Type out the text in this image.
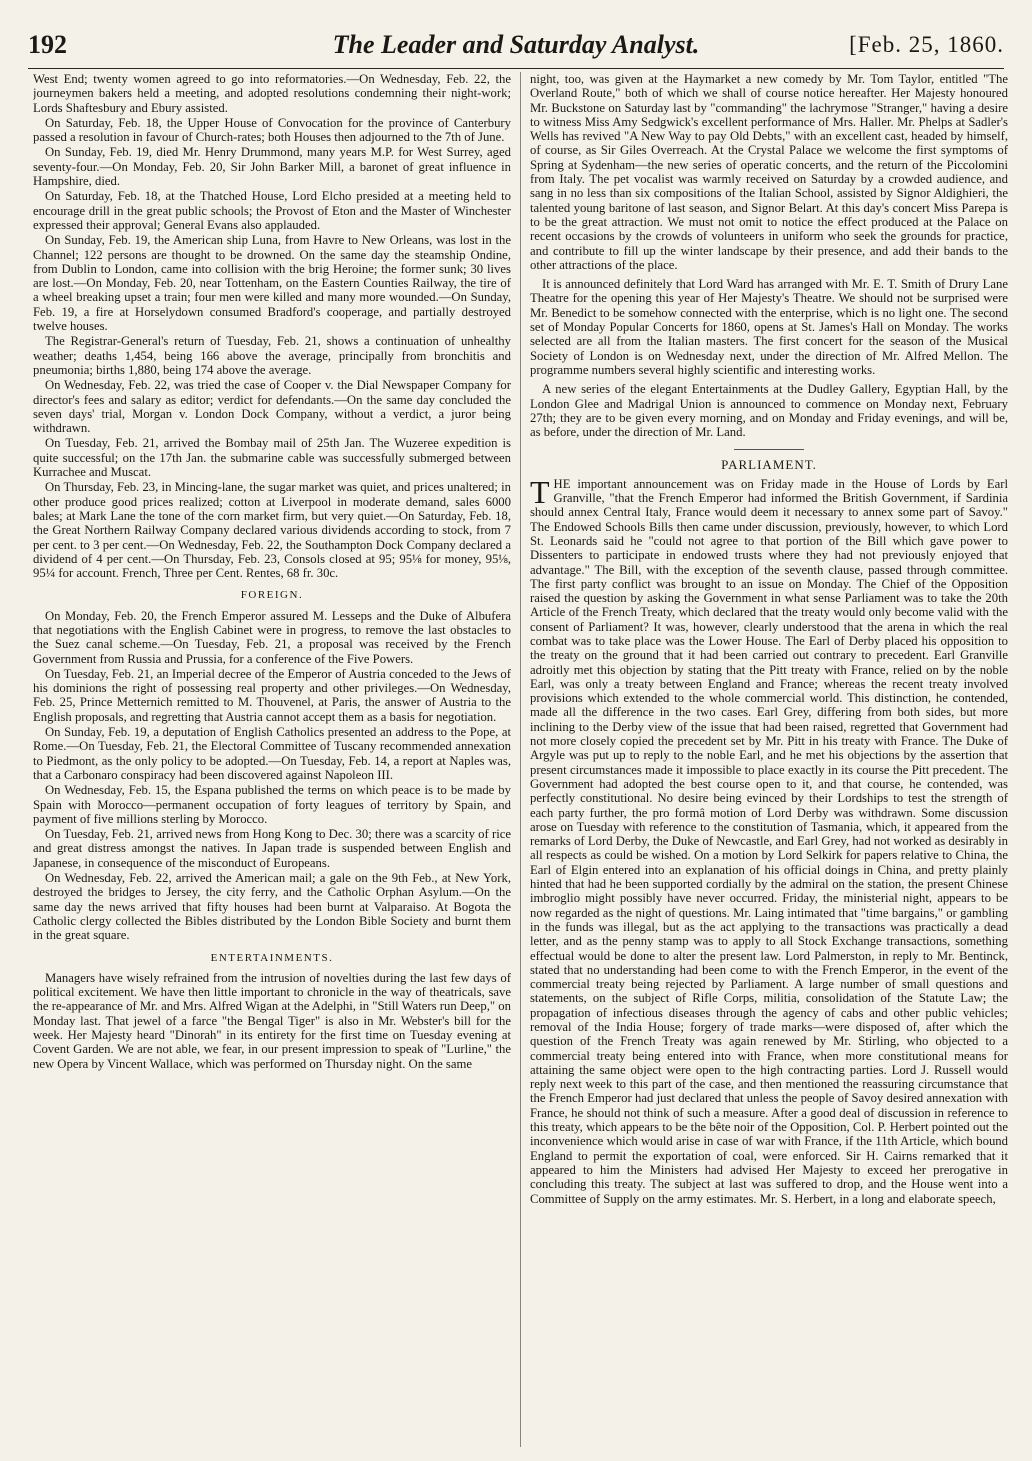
192	The Leader and Saturday Analyst.	[Feb. 25, 1860.

West End; twenty women agreed to go into reformatories.—On Wednesday, Feb. 22, the journeymen bakers held a meeting, and adopted resolutions condemning their night-work; Lords Shaftesbury and Ebury assisted.

On Saturday, Feb. 18, the Upper House of Convocation for the province of Canterbury passed a resolution in favour of Church-rates; both Houses then adjourned to the 7th of June.

On Sunday, Feb. 19, died Mr. Henry Drummond, many years M.P. for West Surrey, aged seventy-four.—On Monday, Feb. 20, Sir John Barker Mill, a baronet of great influence in Hampshire, died.

On Saturday, Feb. 18, at the Thatched House, Lord Elcho presided at a meeting held to encourage drill in the great public schools; the Provost of Eton and the Master of Winchester expressed their approval; General Evans also applauded.

On Sunday, Feb. 19, the American ship Luna, from Havre to New Orleans, was lost in the Channel; 122 persons are thought to be drowned. On the same day the steamship Ondine, from Dublin to London, came into collision with the brig Heroine; the former sunk; 30 lives are lost.—On Monday, Feb. 20, near Tottenham, on the Eastern Counties Railway, the tire of a wheel breaking upset a train; four men were killed and many more wounded.—On Sunday, Feb. 19, a fire at Horselydown consumed Bradford's cooperage, and partially destroyed twelve houses.

The Registrar-General's return of Tuesday, Feb. 21, shows a continuation of unhealthy weather; deaths 1,454, being 166 above the average, principally from bronchitis and pneumonia; births 1,880, being 174 above the average.

On Wednesday, Feb. 22, was tried the case of Cooper v. the Dial Newspaper Company for director's fees and salary as editor; verdict for defendants.—On the same day concluded the seven days' trial, Morgan v. London Dock Company, without a verdict, a juror being withdrawn.

On Tuesday, Feb. 21, arrived the Bombay mail of 25th Jan. The Wuzeree expedition is quite successful; on the 17th Jan. the submarine cable was successfully submerged between Kurrachee and Muscat.

On Thursday, Feb. 23, in Mincing-lane, the sugar market was quiet, and prices unaltered; in other produce good prices realized; cotton at Liverpool in moderate demand, sales 6000 bales; at Mark Lane the tone of the corn market firm, but very quiet.—On Saturday, Feb. 18, the Great Northern Railway Company declared various dividends according to stock, from 7 per cent. to 3 per cent.—On Wednesday, Feb. 22, the Southampton Dock Company declared a dividend of 4 per cent.—On Thursday, Feb. 23, Consols closed at 95; 95⅛ for money, 95⅛, 95¼ for account. French, Three per Cent. Rentes, 68 fr. 30c.

FOREIGN.

On Monday, Feb. 20, the French Emperor assured M. Lesseps and the Duke of Albufera that negotiations with the English Cabinet were in progress, to remove the last obstacles to the Suez canal scheme.—On Tuesday, Feb. 21, a proposal was received by the French Government from Russia and Prussia, for a conference of the Five Powers.

On Tuesday, Feb. 21, an Imperial decree of the Emperor of Austria conceded to the Jews of his dominions the right of possessing real property and other privileges.—On Wednesday, Feb. 25, Prince Metternich remitted to M. Thouvenel, at Paris, the answer of Austria to the English proposals, and regretting that Austria cannot accept them as a basis for negotiation.

On Sunday, Feb. 19, a deputation of English Catholics presented an address to the Pope, at Rome.—On Tuesday, Feb. 21, the Electoral Committee of Tuscany recommended annexation to Piedmont, as the only policy to be adopted.—On Tuesday, Feb. 14, a report at Naples was, that a Carbonaro conspiracy had been discovered against Napoleon III.

On Wednesday, Feb. 15, the Espana published the terms on which peace is to be made by Spain with Morocco—permanent occupation of forty leagues of territory by Spain, and payment of five millions sterling by Morocco.

On Tuesday, Feb. 21, arrived news from Hong Kong to Dec. 30; there was a scarcity of rice and great distress amongst the natives. In Japan trade is suspended between English and Japanese, in consequence of the misconduct of Europeans.

On Wednesday, Feb. 22, arrived the American mail; a gale on the 9th Feb., at New York, destroyed the bridges to Jersey, the city ferry, and the Catholic Orphan Asylum.—On the same day the news arrived that fifty houses had been burnt at Valparaiso. At Bogota the Catholic clergy collected the Bibles distributed by the London Bible Society and burnt them in the great square.

ENTERTAINMENTS.

Managers have wisely refrained from the intrusion of novelties during the last few days of political excitement. We have then little important to chronicle in the way of theatricals, save the re-appearance of Mr. and Mrs. Alfred Wigan at the Adelphi, in "Still Waters run Deep," on Monday last. That jewel of a farce "the Bengal Tiger" is also in Mr. Webster's bill for the week. Her Majesty heard "Dinorah" in its entirety for the first time on Tuesday evening at Covent Garden. We are not able, we fear, in our present impression to speak of "Lurline," the new Opera by Vincent Wallace, which was performed on Thursday night. On the same

night, too, was given at the Haymarket a new comedy by Mr. Tom Taylor, entitled "The Overland Route," both of which we shall of course notice hereafter. Her Majesty honoured Mr. Buckstone on Saturday last by "commanding" the lachrymose "Stranger," having a desire to witness Miss Amy Sedgwick's excellent performance of Mrs. Haller. Mr. Phelps at Sadler's Wells has revived "A New Way to pay Old Debts," with an excellent cast, headed by himself, of course, as Sir Giles Overreach. At the Crystal Palace we welcome the first symptoms of Spring at Sydenham—the new series of operatic concerts, and the return of the Piccolomini from Italy. The pet vocalist was warmly received on Saturday by a crowded audience, and sang in no less than six compositions of the Italian School, assisted by Signor Aldighieri, the talented young baritone of last season, and Signor Belart. At this day's concert Miss Parepa is to be the great attraction. We must not omit to notice the effect produced at the Palace on recent occasions by the crowds of volunteers in uniform who seek the grounds for practice, and contribute to fill up the winter landscape by their presence, and add their bands to the other attractions of the place.

It is announced definitely that Lord Ward has arranged with Mr. E. T. Smith of Drury Lane Theatre for the opening this year of Her Majesty's Theatre. We should not be surprised were Mr. Benedict to be somehow connected with the enterprise, which is no light one. The second set of Monday Popular Concerts for 1860, opens at St. James's Hall on Monday. The works selected are all from the Italian masters. The first concert for the season of the Musical Society of London is on Wednesday next, under the direction of Mr. Alfred Mellon. The programme numbers several highly scientific and interesting works.

A new series of the elegant Entertainments at the Dudley Gallery, Egyptian Hall, by the London Glee and Madrigal Union is announced to commence on Monday next, February 27th; they are to be given every morning, and on Monday and Friday evenings, and will be, as before, under the direction of Mr. Land.

PARLIAMENT.

THE important announcement was on Friday made in the House of Lords by Earl Granville, "that the French Emperor had informed the British Government, if Sardinia should annex Central Italy, France would deem it necessary to annex some part of Savoy." The Endowed Schools Bills then came under discussion, previously, however, to which Lord St. Leonards said he "could not agree to that portion of the Bill which gave power to Dissenters to participate in endowed trusts where they had not previously enjoyed that advantage." The Bill, with the exception of the seventh clause, passed through committee. The first party conflict was brought to an issue on Monday. The Chief of the Opposition raised the question by asking the Government in what sense Parliament was to take the 20th Article of the French Treaty, which declared that the treaty would only become valid with the consent of Parliament? It was, however, clearly understood that the arena in which the real combat was to take place was the Lower House. The Earl of Derby placed his opposition to the treaty on the ground that it had been carried out contrary to precedent. Earl Granville adroitly met this objection by stating that the Pitt treaty with France, relied on by the noble Earl, was only a treaty between England and France; whereas the recent treaty involved provisions which extended to the whole commercial world. This distinction, he contended, made all the difference in the two cases. Earl Grey, differing from both sides, but more inclining to the Derby view of the issue that had been raised, regretted that Government had not more closely copied the precedent set by Mr. Pitt in his treaty with France. The Duke of Argyle was put up to reply to the noble Earl, and he met his objections by the assertion that present circumstances made it impossible to place exactly in its course the Pitt precedent. The Government had adopted the best course open to it, and that course, he contended, was perfectly constitutional. No desire being evinced by their Lordships to test the strength of each party further, the pro formâ motion of Lord Derby was withdrawn. Some discussion arose on Tuesday with reference to the constitution of Tasmania, which, it appeared from the remarks of Lord Derby, the Duke of Newcastle, and Earl Grey, had not worked as desirably in all respects as could be wished. On a motion by Lord Selkirk for papers relative to China, the Earl of Elgin entered into an explanation of his official doings in China, and pretty plainly hinted that had he been supported cordially by the admiral on the station, the present Chinese imbroglio might possibly have never occurred. Friday, the ministerial night, appears to be now regarded as the night of questions. Mr. Laing intimated that "time bargains," or gambling in the funds was illegal, but as the act applying to the transactions was practically a dead letter, and as the penny stamp was to apply to all Stock Exchange transactions, something effectual would be done to alter the present law. Lord Palmerston, in reply to Mr. Bentinck, stated that no understanding had been come to with the French Emperor, in the event of the commercial treaty being rejected by Parliament. A large number of small questions and statements, on the subject of Rifle Corps, militia, consolidation of the Statute Law; the propagation of infectious diseases through the agency of cabs and other public vehicles; removal of the India House; forgery of trade marks—were disposed of, after which the question of the French Treaty was again renewed by Mr. Stirling, who objected to a commercial treaty being entered into with France, when more constitutional means for attaining the same object were open to the high contracting parties. Lord J. Russell would reply next week to this part of the case, and then mentioned the reassuring circumstance that the French Emperor had just declared that unless the people of Savoy desired annexation with France, he should not think of such a measure. After a good deal of discussion in reference to this treaty, which appears to be the bête noir of the Opposition, Col. P. Herbert pointed out the inconvenience which would arise in case of war with France, if the 11th Article, which bound England to permit the exportation of coal, were enforced. Sir H. Cairns remarked that it appeared to him the Ministers had advised Her Majesty to exceed her prerogative in concluding this treaty. The subject at last was suffered to drop, and the House went into a Committee of Supply on the army estimates. Mr. S. Herbert, in a long and elaborate speech,
